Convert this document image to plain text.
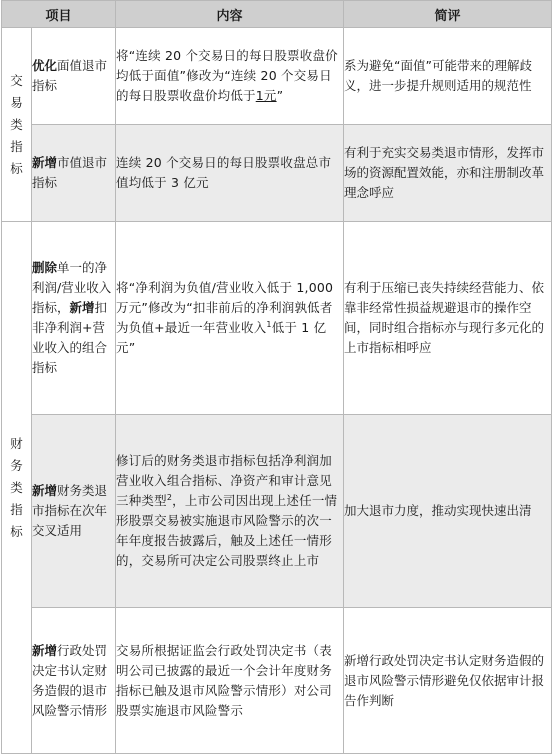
项目		内容	简评

交易类指标	优化面值退市指标	将“连续 20 个交易日的每日股票收盘价均低于面值”修改为“连续 20 个交易日的每日股票收盘价均低于1元”	系为避免“面值”可能带来的理解歧义，进一步提升规则适用的规范性
	新增市值退市指标	连续 20 个交易日的每日股票收盘总市值均低于 3 亿元	有利于充实交易类退市情形，发挥市场的资源配置效能，亦和注册制改革理念呼应

财务类指标	删除单一的净利润/营业收入指标，新增扣非净利润+营业收入的组合指标	将“净利润为负值/营业收入低于 1,000 万元”修改为“扣非前后的净利润孰低者为负值+最近一年营业收入$^1$低于 1 亿元”	有利于压缩已丧失持续经营能力、依靠非经常性损益规避退市的操作空间，同时组合指标亦与现行多元化的上市指标相呼应
	新增财务类退市指标在次年交叉适用	修订后的财务类退市指标包括净利润加营业收入组合指标、净资产和审计意见三种类型$^2$，上市公司因出现上述任一情形股票交易被实施退市风险警示的次一年年度报告披露后，触及上述任一情形的，交易所可决定公司股票终止上市	加大退市力度，推动实现快速出清
	新增行政处罚决定书认定财务造假的退市风险警示情形	交易所根据证监会行政处罚决定书（表明公司已披露的最近一个会计年度财务指标已触及退市风险警示情形）对公司股票实施退市风险警示	新增行政处罚决定书认定财务造假的退市风险警示情形避免仅依据审计报告作判断
